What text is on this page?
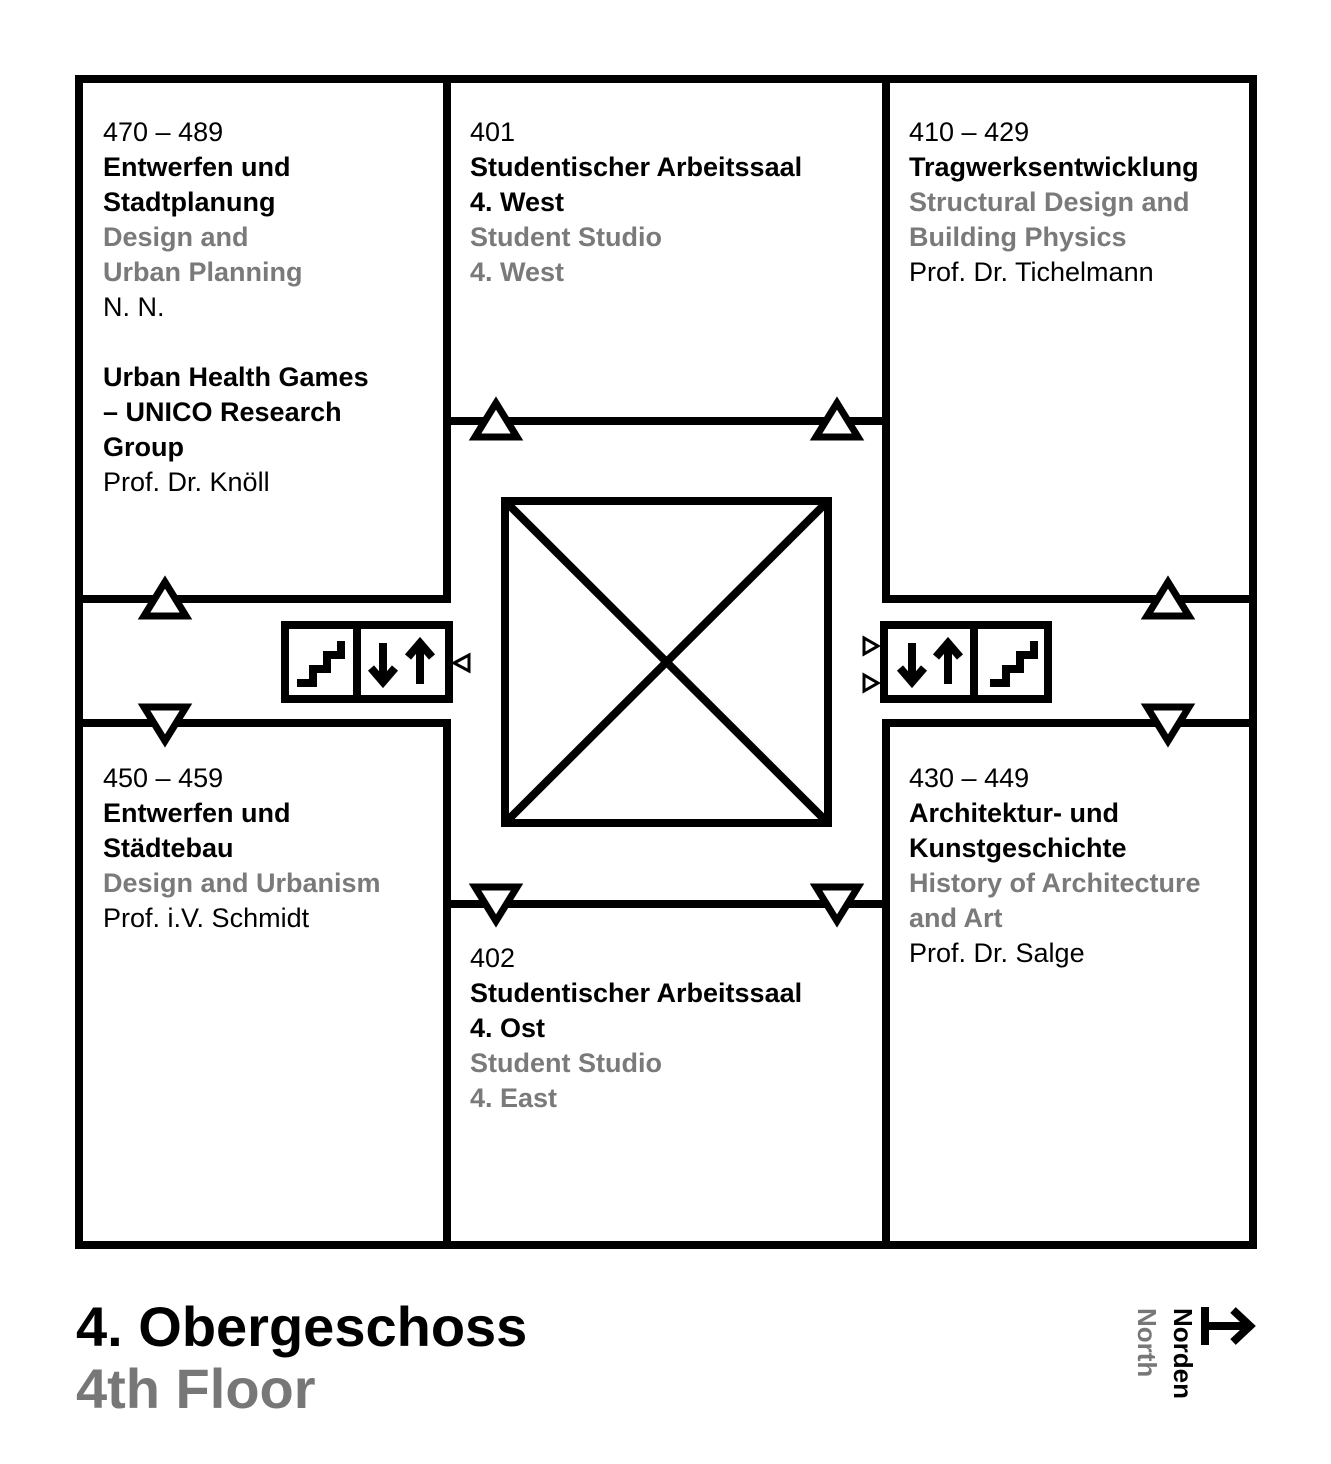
470 – 489
Entwerfen und
Stadtplanung
Design and
Urban Planning
N. N.
Urban Health Games
– UNICO Research
Group
Prof. Dr. Knöll
401
Studentischer Arbeitssaal
4. West
Student Studio
4. West
410 – 429
Tragwerksentwicklung
Structural Design and
Building Physics
Prof. Dr. Tichelmann
450 – 459
Entwerfen und
Städtebau
Design and Urbanism
Prof. i.V. Schmidt
402
Studentischer Arbeitssaal
4. Ost
Student Studio
4. East
430 – 449
Architektur- und
Kunstgeschichte
History of Architecture
and Art
Prof. Dr. Salge
4. Obergeschoss
4th Floor	Norden
North
